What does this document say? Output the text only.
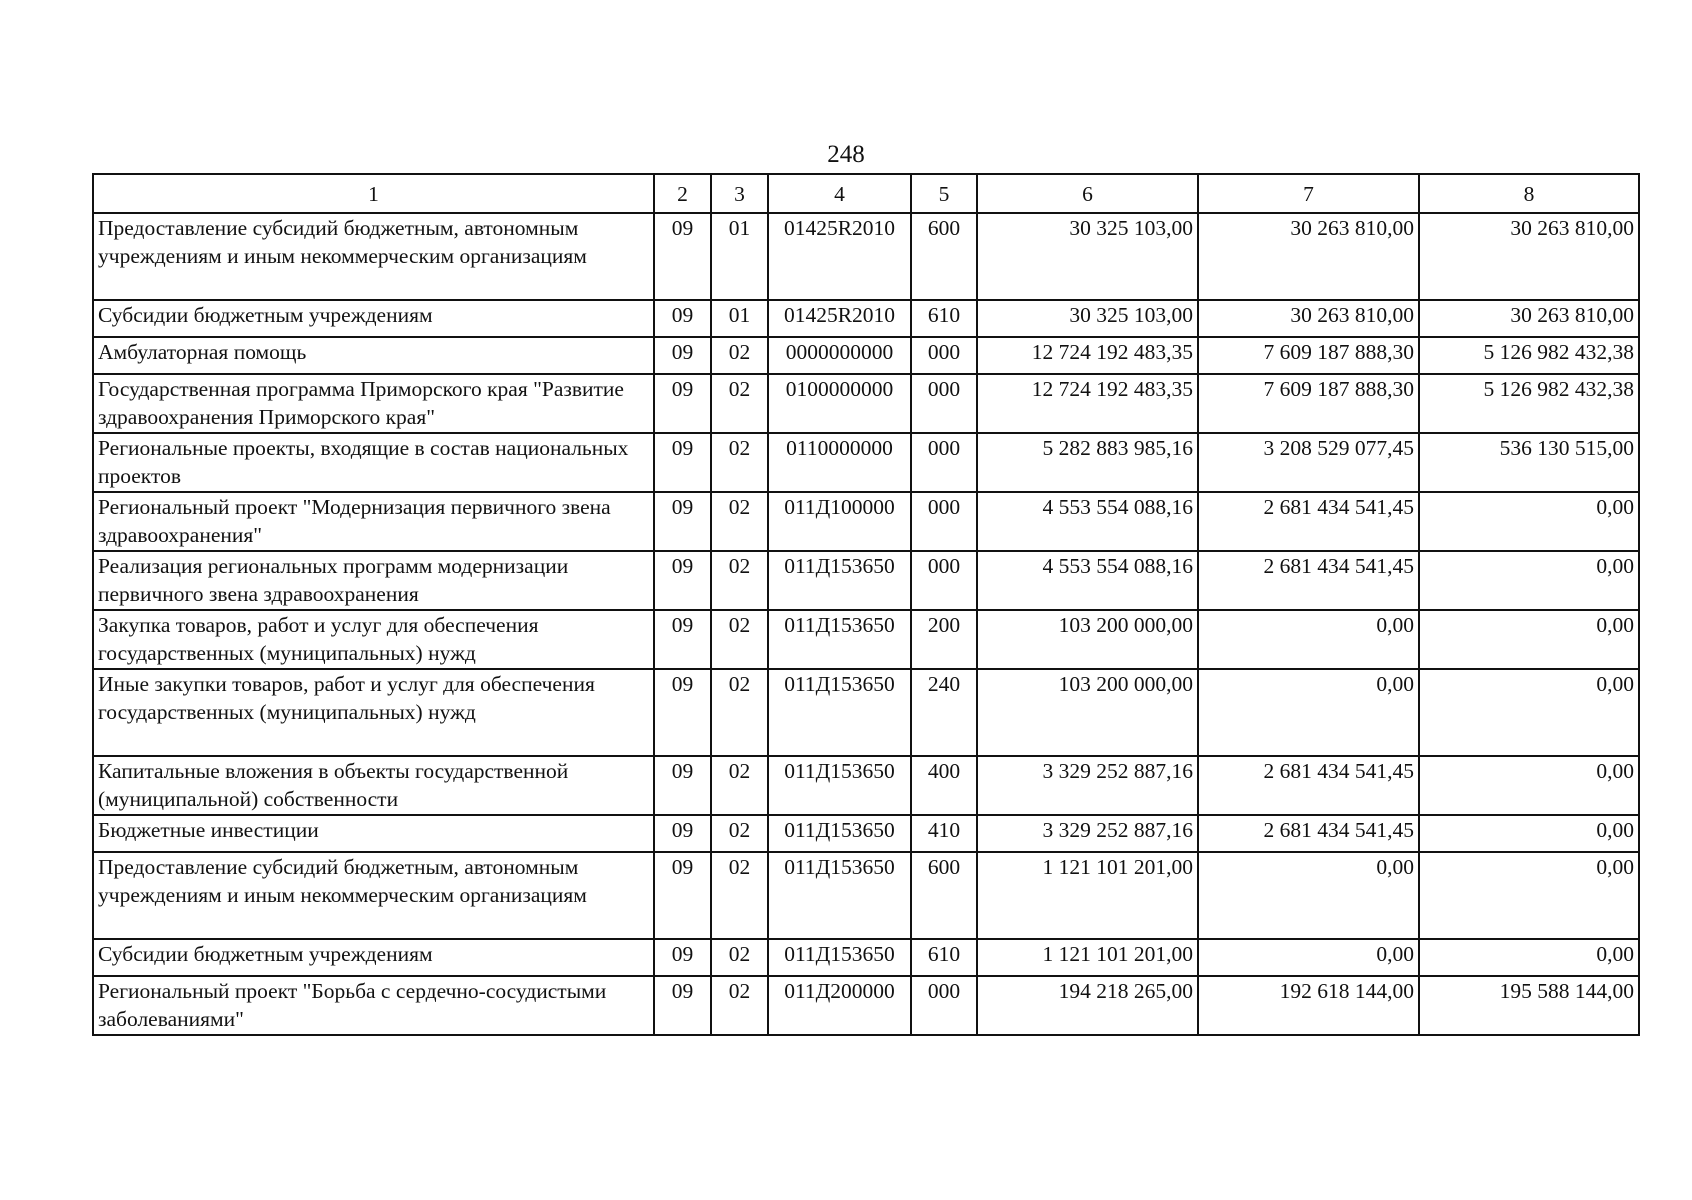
248
1	2	3	4	5	6	7	8
Предоставление субсидий бюджетным, автономным учреждениям и иным некоммерческим организациям	09	01	01425R2010	600	30 325 103,00	30 263 810,00	30 263 810,00
Субсидии бюджетным учреждениям	09	01	01425R2010	610	30 325 103,00	30 263 810,00	30 263 810,00
Амбулаторная помощь	09	02	0000000000	000	12 724 192 483,35	7 609 187 888,30	5 126 982 432,38
Государственная программа Приморского края "Развитие здравоохранения Приморского края"	09	02	0100000000	000	12 724 192 483,35	7 609 187 888,30	5 126 982 432,38
Региональные проекты, входящие в состав национальных проектов	09	02	0110000000	000	5 282 883 985,16	3 208 529 077,45	536 130 515,00
Региональный проект "Модернизация первичного звена здравоохранения"	09	02	011Д100000	000	4 553 554 088,16	2 681 434 541,45	0,00
Реализация региональных программ модернизации первичного звена здравоохранения	09	02	011Д153650	000	4 553 554 088,16	2 681 434 541,45	0,00
Закупка товаров, работ и услуг для обеспечения государственных (муниципальных) нужд	09	02	011Д153650	200	103 200 000,00	0,00	0,00
Иные закупки товаров, работ и услуг для обеспечения государственных (муниципальных) нужд	09	02	011Д153650	240	103 200 000,00	0,00	0,00
Капитальные вложения в объекты государственной (муниципальной) собственности	09	02	011Д153650	400	3 329 252 887,16	2 681 434 541,45	0,00
Бюджетные инвестиции	09	02	011Д153650	410	3 329 252 887,16	2 681 434 541,45	0,00
Предоставление субсидий бюджетным, автономным учреждениям и иным некоммерческим организациям	09	02	011Д153650	600	1 121 101 201,00	0,00	0,00
Субсидии бюджетным учреждениям	09	02	011Д153650	610	1 121 101 201,00	0,00	0,00
Региональный проект "Борьба с сердечно-сосудистыми заболеваниями"	09	02	011Д200000	000	194 218 265,00	192 618 144,00	195 588 144,00
